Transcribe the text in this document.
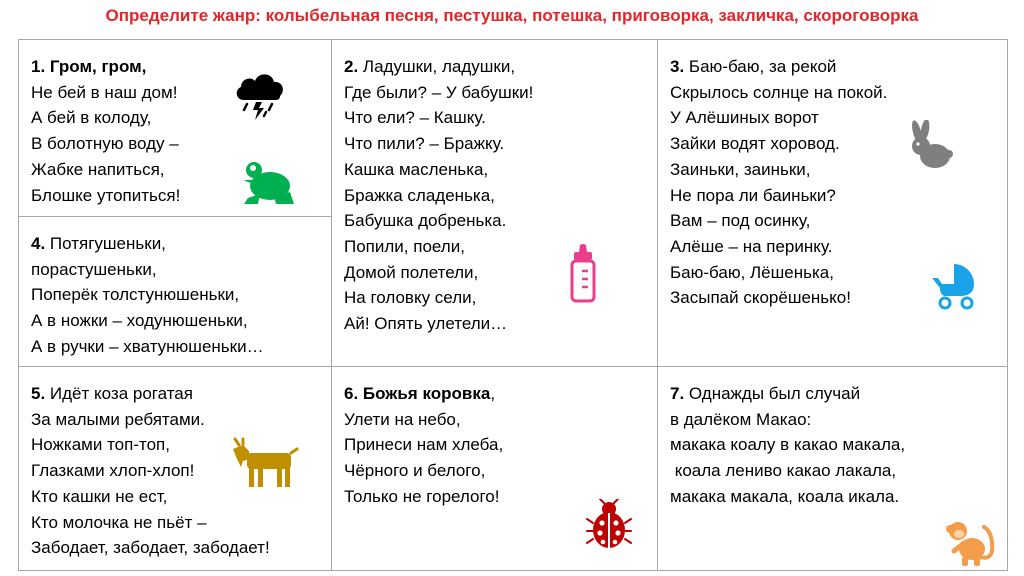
Определите жанр: колыбельная песня, пестушка, потешка, приговорка, закличка, скороговорка
1. Гром, гром,
Не бей в наш дом!
А бей в колоду,
В болотную воду –
Жабке напиться,
Блошке утопиться!
4. Потягушеньки,
порастушеньки,
Поперёк толстунюшеньки,
А в ножки – ходунюшеньки,
А в ручки – хватунюшеньки…
2. Ладушки, ладушки,
Где были? – У бабушки!
Что ели? – Кашку.
Что пили? – Бражку.
Кашка масленька,
Бражка сладенька,
Бабушка добренька.
Попили, поели,
Домой полетели,
На головку сели,
Ай! Опять улетели…
3. Баю-баю, за рекой
Скрылось солнце на покой.
У Алёшиных ворот
Зайки водят хоровод.
Заиньки, заиньки,
Не пора ли баиньки?
Вам – под осинку,
Алёше – на перинку.
Баю-баю, Лёшенька,
Засыпай скорёшенько!
5. Идёт коза рогатая
За малыми ребятами.
Ножками топ-топ,
Глазками хлоп-хлоп!
Кто кашки не ест,
Кто молочка не пьёт –
Забодает, забодает, забодает!
6. Божья коровка,
Улети на небо,
Принеси нам хлеба,
Чёрного и белого,
Только не горелого!
7. Однажды был случай
в далёком Макао:
макака коалу в какао макала,
коала лениво какао лакала,
макака макала, коала икала.
